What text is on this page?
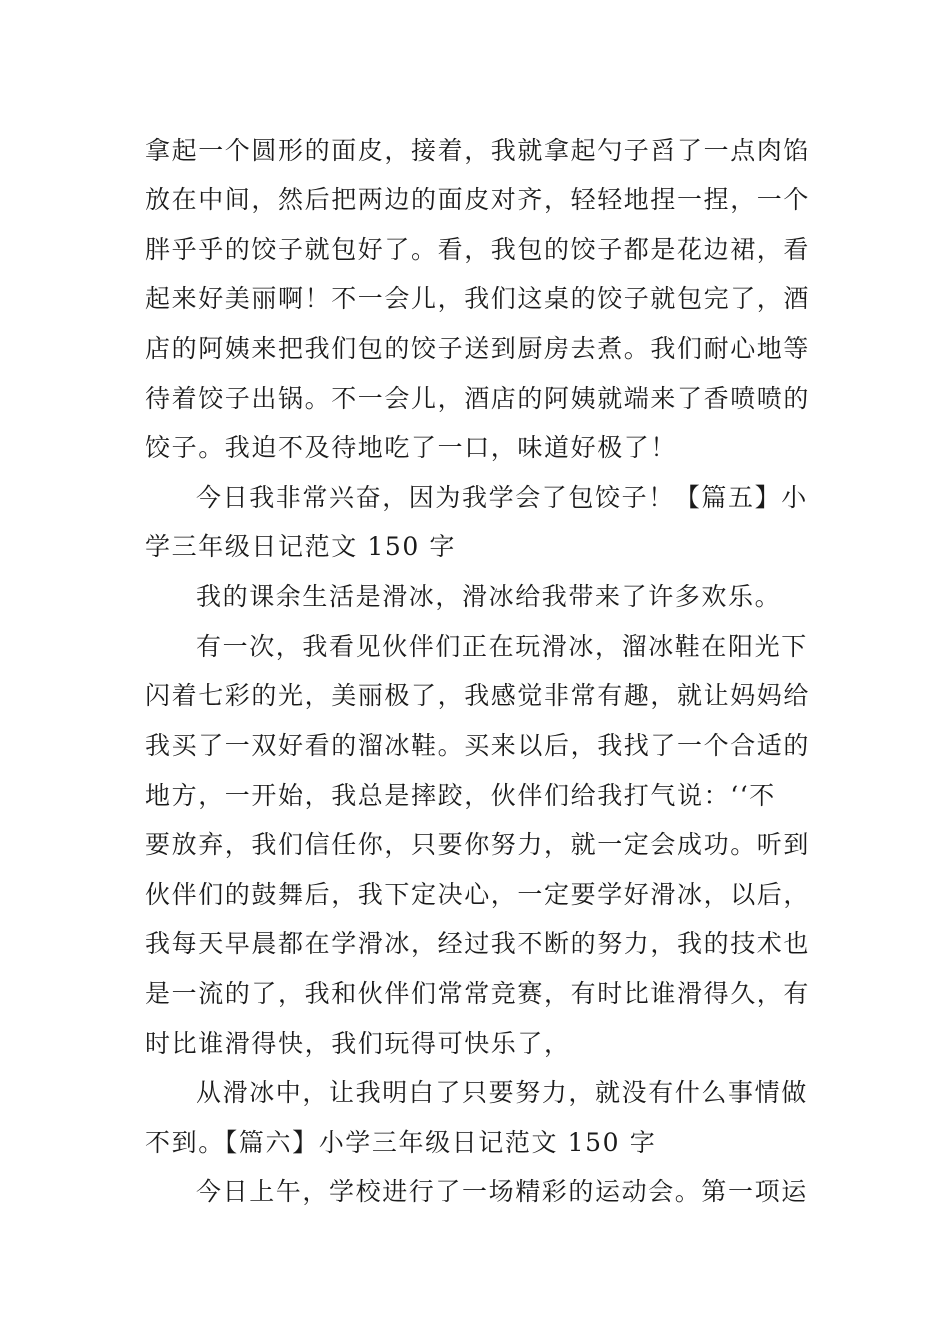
拿起一个圆形的面皮，接着，我就拿起勺子舀了一点肉馅
放在中间，然后把两边的面皮对齐，轻轻地捏一捏，一个
胖乎乎的饺子就包好了。看，我包的饺子都是花边裙，看
起来好美丽啊！不一会儿，我们这桌的饺子就包完了，酒
店的阿姨来把我们包的饺子送到厨房去煮。我们耐心地等
待着饺子出锅。不一会儿，酒店的阿姨就端来了香喷喷的
饺子。我迫不及待地吃了一口，味道好极了！
今日我非常兴奋，因为我学会了包饺子！【篇五】小
学三年级日记范文 150 字
我的课余生活是滑冰，滑冰给我带来了许多欢乐。
有一次，我看见伙伴们正在玩滑冰，溜冰鞋在阳光下
闪着七彩的光，美丽极了，我感觉非常有趣，就让妈妈给
我买了一双好看的溜冰鞋。买来以后，我找了一个合适的
地方，一开始，我总是摔跤，伙伴们给我打气说：‘‘不
要放弃，我们信任你，只要你努力，就一定会成功。听到
伙伴们的鼓舞后，我下定决心，一定要学好滑冰，以后，
我每天早晨都在学滑冰，经过我不断的努力，我的技术也
是一流的了，我和伙伴们常常竞赛，有时比谁滑得久，有
时比谁滑得快，我们玩得可快乐了，
从滑冰中，让我明白了只要努力，就没有什么事情做
不到。【篇六】小学三年级日记范文 150 字
今日上午，学校进行了一场精彩的运动会。第一项运
